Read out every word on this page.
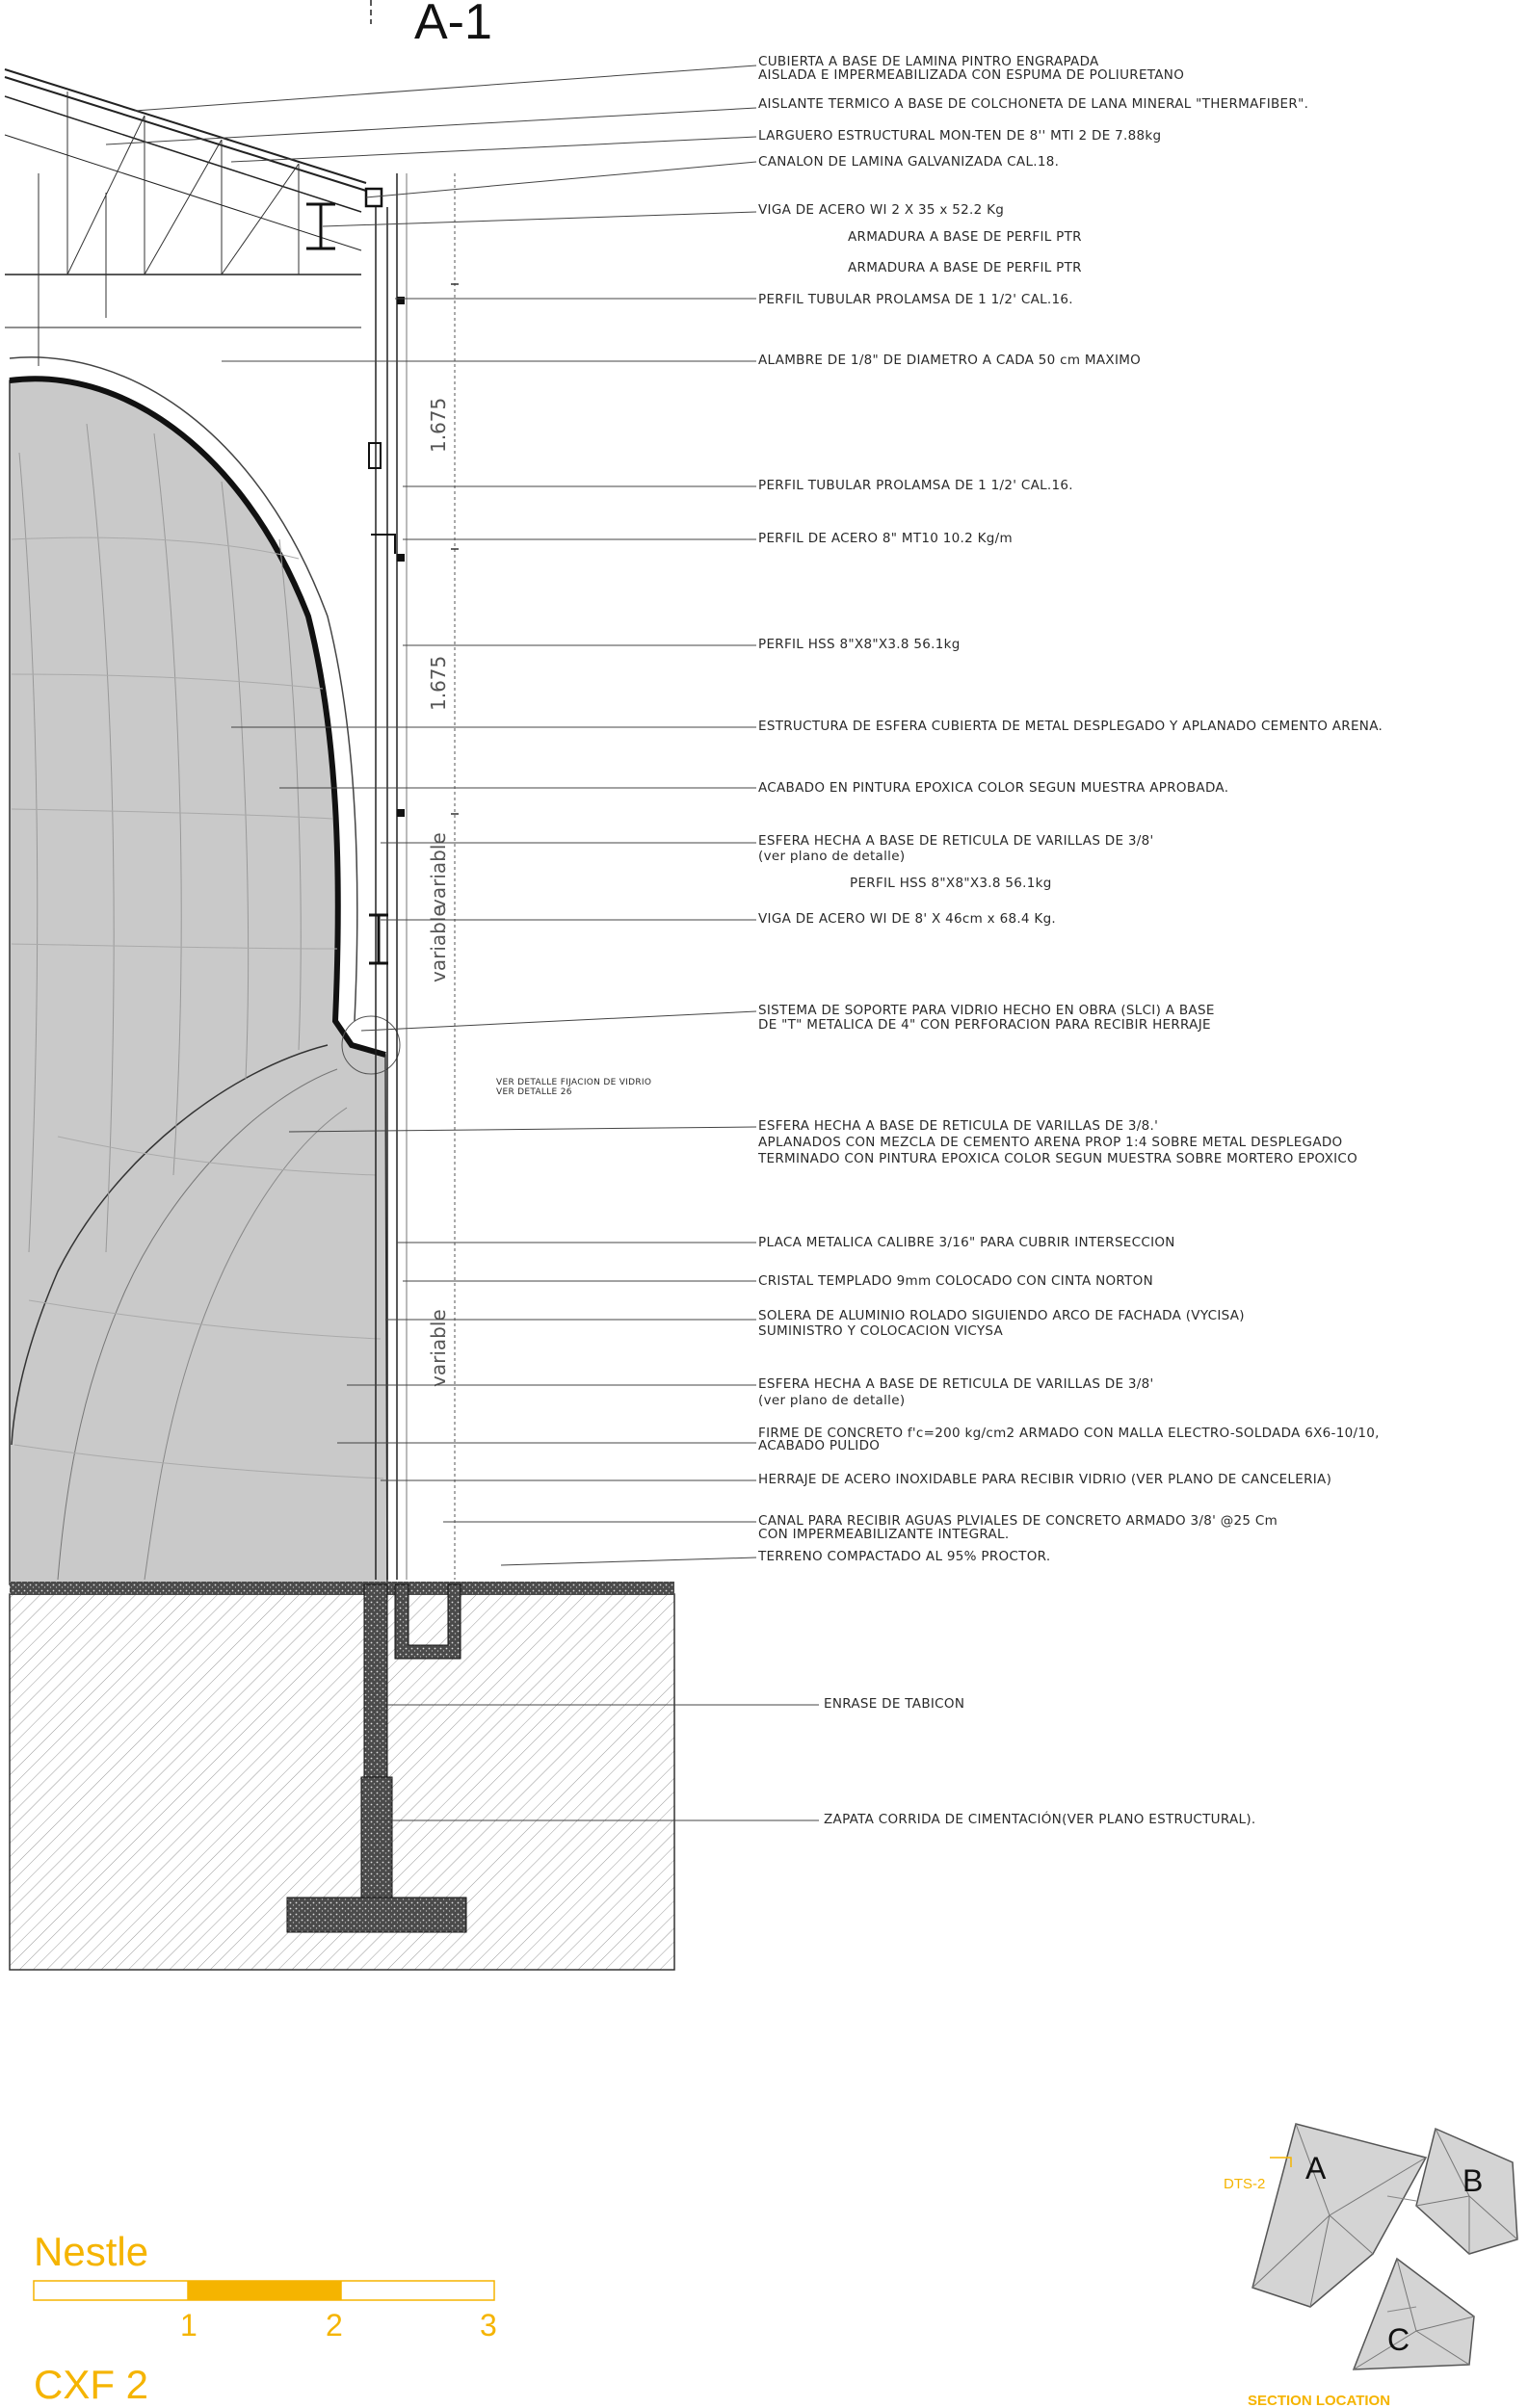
A-1
1.675
1.675
variable
variable
variable
CUBIERTA A BASE DE LAMINA PINTRO ENGRAPADA
AISLADA E IMPERMEABILIZADA CON ESPUMA DE POLIURETANO
AISLANTE TERMICO A BASE DE COLCHONETA DE LANA MINERAL "THERMAFIBER".
LARGUERO ESTRUCTURAL MON-TEN DE 8'' MTI 2 DE 7.88kg
CANALON DE LAMINA GALVANIZADA CAL.18.
VIGA DE ACERO WI 2 X 35 x 52.2 Kg
ARMADURA A BASE DE PERFIL PTR
ARMADURA A BASE DE PERFIL PTR
PERFIL TUBULAR PROLAMSA DE 1 1/2' CAL.16.
ALAMBRE DE 1/8" DE DIAMETRO A CADA 50 cm MAXIMO
PERFIL TUBULAR PROLAMSA DE 1 1/2' CAL.16.
PERFIL DE ACERO 8" MT10 10.2 Kg/m
PERFIL HSS 8"X8"X3.8 56.1kg
ESTRUCTURA DE ESFERA CUBIERTA DE METAL DESPLEGADO Y APLANADO CEMENTO ARENA.
ACABADO EN PINTURA EPOXICA COLOR SEGUN MUESTRA APROBADA.
ESFERA HECHA A BASE DE RETICULA DE VARILLAS DE 3/8'
(ver plano de detalle)
PERFIL HSS 8"X8"X3.8 56.1kg
VIGA DE ACERO WI DE 8' X 46cm x 68.4 Kg.
SISTEMA DE SOPORTE PARA VIDRIO HECHO EN OBRA (SLCI) A BASE
DE "T" METALICA DE 4" CON PERFORACION PARA RECIBIR HERRAJE
ESFERA HECHA A BASE DE RETICULA DE VARILLAS DE 3/8.'
APLANADOS CON MEZCLA DE CEMENTO ARENA PROP 1:4 SOBRE METAL DESPLEGADO
TERMINADO CON PINTURA EPOXICA COLOR SEGUN MUESTRA SOBRE MORTERO EPOXICO
PLACA METALICA CALIBRE 3/16" PARA CUBRIR INTERSECCION
CRISTAL TEMPLADO 9mm COLOCADO CON CINTA NORTON
SOLERA DE ALUMINIO ROLADO SIGUIENDO ARCO DE FACHADA (VYCISA)
SUMINISTRO Y COLOCACION VICYSA
ESFERA HECHA A BASE DE RETICULA DE VARILLAS DE 3/8'
(ver plano de detalle)
FIRME DE CONCRETO f'c=200 kg/cm2 ARMADO CON MALLA ELECTRO-SOLDADA 6X6-10/10,
ACABADO PULIDO
HERRAJE DE ACERO INOXIDABLE PARA RECIBIR VIDRIO (VER PLANO DE CANCELERIA)
CANAL PARA RECIBIR AGUAS PLVIALES DE CONCRETO ARMADO 3/8' @25 Cm
CON IMPERMEABILIZANTE INTEGRAL.
TERRENO COMPACTADO AL 95% PROCTOR.
ENRASE DE TABICON
ZAPATA CORRIDA DE CIMENTACIÓN(VER PLANO ESTRUCTURAL).
VER DETALLE FIJACION DE VIDRIO
VER DETALLE 26
Nestle
1	2	3
CXF 2
A	B
C
DTS-2
SECTION LOCATION
